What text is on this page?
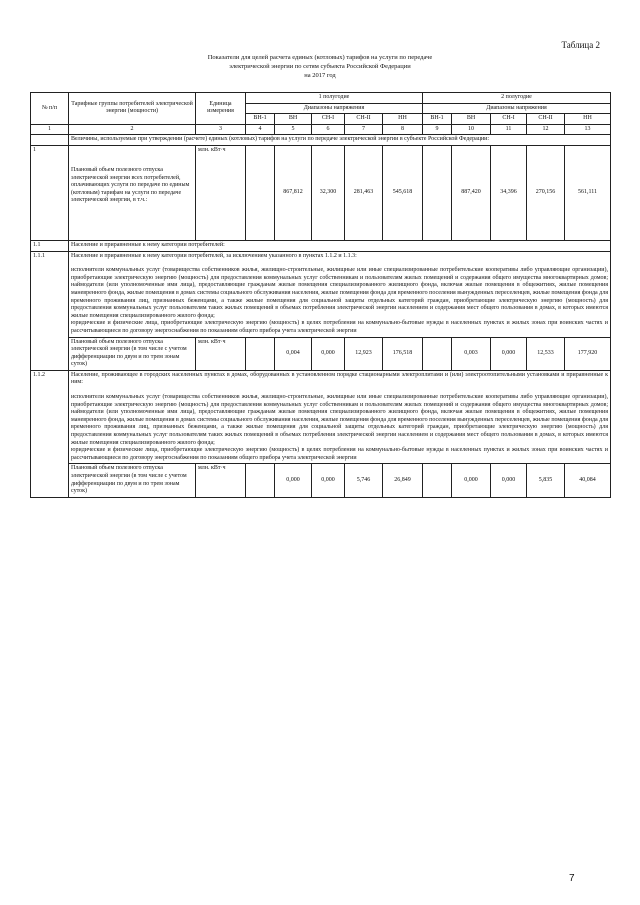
Таблица 2
Показатели для целей расчета единых (котловых) тарифов на услуги по передаче
электрической энергии по сетям субъекта Российской Федерации
на 2017 год
№ п/п	Тарифные группы потребителей электрической энергии (мощности)	Единица измерения	1 полугодие					2 полугодие				
			Диапазоны напряжения					Диапазоны напряжения				
			ВН-1	ВН	СН-I	СН-II	НН	ВН-1	ВН	СН-I	СН-II	НН
1	2	3	4	5	6	7	8	9	10	11	12	13
	Величины, используемые при утверждении (расчете) единых (котловых) тарифов на услуги по передаче электрической энергии в субъекте Российской Федерации:											
1	Плановый объем полезного отпуска электрической энергии всех потребителей, оплачивающих услуги по передаче по единым (котловым) тарифам на услуги по передаче электрической энергии, в т.ч.:	млн. кВт·ч		867,812	32,300	281,463	545,618		887,420	34,396	270,156	561,111
1.1	Население и приравненные к нему категории потребителей:											
1.1.1	Население и приравненные к нему категории потребителей, за исключением указанного в пунктах 1.1.2 и 1.1.3:
исполнители коммунальных услуг (товарищества собственников жилья, жилищно-строительные, жилищные или иные специализированные потребительские кооперативы либо управляющие организации), приобретающие электрическую энергию (мощность) для предоставления коммунальных услуг собственникам и пользователям жилых помещений и содержания общего имущества многоквартирных домов; наймодатели (или уполномоченные ими лица), предоставляющие гражданам жилые помещения специализированного жилищного фонда, включая жилые помещения в общежитиях, жилые помещения маневренного фонда, жилые помещения в домах системы социального обслуживания населения, жилые помещения фонда для временного поселения вынужденных переселенцев, жилые помещения фонда для временного проживания лиц, признанных беженцами, а также жилые помещения для социальной защиты отдельных категорий граждан, приобретающие электрическую энергию (мощность) для предоставления коммунальных услуг пользователям таких жилых помещений в объемах потребления электрической энергии населением и содержания мест общего пользования в домах, в которых имеются жилые помещения специализированного жилого фонда;
юридические и физические лица, приобретающие электрическую энергию (мощность) в целях потребления на коммунально-бытовые нужды в населенных пунктах и жилых зонах при воинских частях и рассчитывающиеся по договору энергоснабжения по показаниям общего прибора учета электрической энергии											

	Плановый объем полезного отпуска электрической энергии (в том числе с учетом дифференциации по двум и по трем зонам суток)	млн. кВт·ч		0,004	0,000	12,923	176,518		0,003	0,000	12,533	177,920
1.1.2	Население, проживающее в городских населенных пунктах в домах, оборудованных в установленном порядке стационарными электроплитами и (или) электроотопительными установками и приравненные к ним:
исполнители коммунальных услуг (товарищества собственников жилья, жилищно-строительные, жилищные или иные специализированные потребительские кооперативы либо управляющие организации), приобретающие электрическую энергию (мощность) для предоставления коммунальных услуг собственникам и пользователям жилых помещений и содержания общего имущества многоквартирных домов; наймодатели (или уполномоченные ими лица), предоставляющие гражданам жилые помещения специализированного жилищного фонда, включая жилые помещения в общежитиях, жилые помещения маневренного фонда, жилые помещения в домах системы социального обслуживания населения, жилые помещения фонда для временного поселения вынужденных переселенцев, жилые помещения фонда для временного проживания лиц, признанных беженцами, а также жилые помещения для социальной защиты отдельных категорий граждан, приобретающие электрическую энергию (мощность) для предоставления коммунальных услуг пользователям таких жилых помещений в объемах потребления электрической энергии населением и содержания мест общего пользования в домах, в которых имеются жилые помещения специализированного жилого фонда;
юридические и физические лица, приобретающие электрическую энергию (мощность) в целях потребления на коммунально-бытовые нужды в населенных пунктах и жилых зонах при воинских частях и рассчитывающиеся по договору энергоснабжения по показаниям общего прибора учета электрической энергии											

	Плановый объем полезного отпуска электрической энергии (в том числе с учетом дифференциации по двум и по трем зонам суток)	млн. кВт·ч		0,000	0,000	5,746	26,849		0,000	0,000	5,835	40,084
7
